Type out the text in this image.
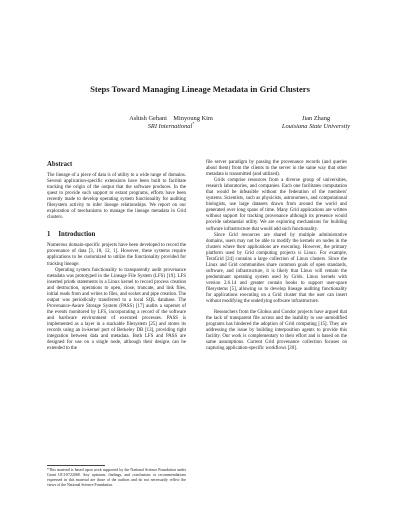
Steps Toward Managing Lineage Metadata in Grid Clusters
Ashish Gehani    Minyoung Kim
SRI International*
Jian Zhang
Louisiana State University
Abstract

The lineage of a piece of data is of utility to a wide range of domains. Several application-specific extensions have been built to facilitate tracking the origin of the output that the software produces. In the quest to provide such support to extant programs, efforts have been recently made to develop operating system functionality for auditing filesystem activity to infer lineage relationships. We report on our exploration of mechanisms to manage the lineage metadata in Grid clusters.

1 Introduction

Numerous domain-specific projects have been developed to record the provenance of data [3, 18, 12, 1]. However, these systems require applications to be customized to utilize the functionality provided for tracking lineage.

Operating system functionality to transparently audit provenance metadata was prototyped in the Lineage File System (LFS) [19]. LFS inserted printk statements in a Linux kernel to record process creation and destruction, operations to open, close, truncate, and link files, initial reads from and writes to files, and socket and pipe creation. The output was periodically transferred to a local SQL database. The Provenance-Aware Storage System (PASS) [17] audits a superset of the events monitored by LFS, incorporating a record of the software and hardware environment of executed processes. PASS is implemented as a layer in a stackable filesystem [25] and stores its records using an in-kernel port of Berkeley DB [13], providing tight integration between data and metadata. Both LFS and PASS are designed for use on a single node, although their designs can be extended to the

file server paradigm by passing the provenance records (and queries about them) from the clients to the server in the same way that other metadata is transmitted (and utilized).

Grids comprise resources from a diverse group of universities, research laboratories, and companies. Each one facilitates computation that would be infeasible without the federation of the members' systems. Scientists, such as physicists, astronomers, and computational biologists, use large datasets drawn from around the world and generated over long spans of time. Many Grid applications are written without support for tracking provenance although its presence would provide substantial utility. We are exploring mechanisms for building software infrastructure that would add such functionality.

Since Grid resources are shared by multiple administrative domains, users may not be able to modify the kernels on nodes in the clusters where their applications are executing. However, the primary platform used by Grid computing projects is Linux. For example, TeraGrid [24] contains a large collection of Linux clusters. Since the Linux and Grid communities share common goals of open standards, software, and infrastructure, it is likely that Linux will remain the predominant operating system used by Grids. Linux kernels with version 2.6.14 and greater contain hooks to support user-space filesystems [5], allowing us to develop lineage auditing functionality for applications executing on a Grid cluster that the user can insert without modifying the underlying software infrastructure.

Researchers from the Globus and Condor projects have argued that the lack of transparent file access and the inability to use unmodified programs has hindered the adoption of Grid computing [15]. They are addressing the issue by building interposition agents to provide this facility. Our work is complementary to their effort and is based on the same assumptions. Current Grid provenance collection focuses on capturing application-specific workflows [20].

*This material is based upon work supported by the National Science Foundation under Grant OCI-0722068. Any opinions, findings, and conclusions or recommendations expressed in this material are those of the authors and do not necessarily reflect the views of the National Science Foundation.
